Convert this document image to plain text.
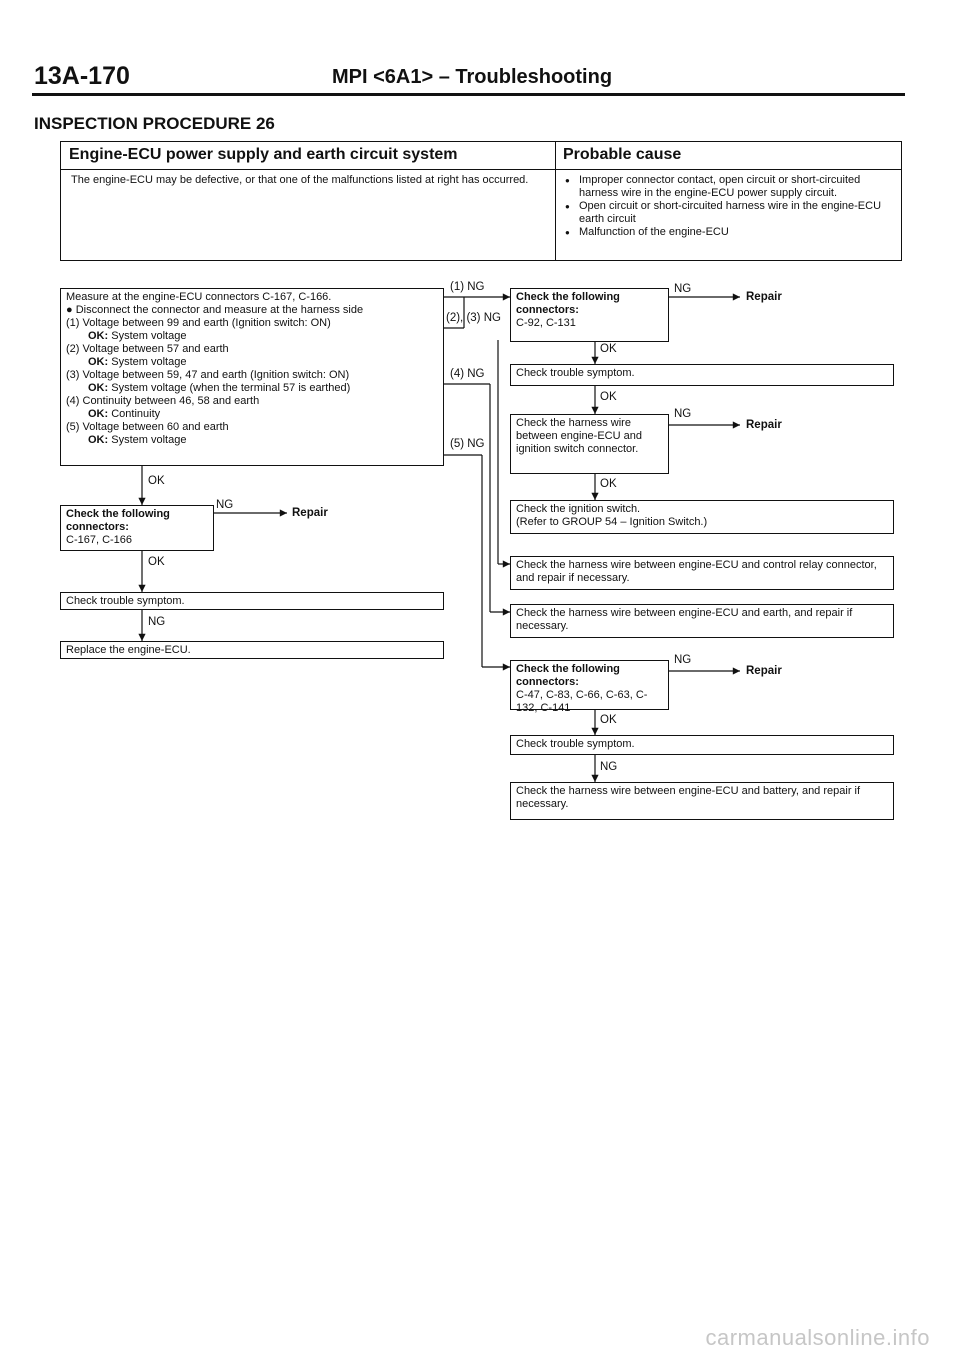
13A-170	MPI <6A1> – Troubleshooting
INSPECTION PROCEDURE 26
Engine-ECU power supply and earth circuit system
The engine-ECU may be defective, or that one of the malfunctions listed at right has occurred.
Probable cause
● Improper connector contact, open circuit or short-circuited harness wire in the engine-ECU power supply circuit.
● Open circuit or short-circuited harness wire in the engine-ECU earth circuit
● Malfunction of the engine-ECU
Measure at the engine-ECU connectors C-167, C-166.
● Disconnect the connector and measure at the harness side
(1) Voltage between 99 and earth (Ignition switch: ON)
OK: System voltage
(2) Voltage between 57 and earth
OK: System voltage
(3) Voltage between 59, 47 and earth (Ignition switch: ON)
OK: System voltage (when the terminal 57 is earthed)
(4) Continuity between 46, 58 and earth
OK: Continuity
(5) Voltage between 60 and earth
OK: System voltage
(1) NG
(2), (3) NG
(4) NG
(5) NG
OK
Check the following connectors:
C-167, C-166
NG
Repair
OK
Check trouble symptom.
NG
Replace the engine-ECU.
Check the following connectors:
C-92, C-131
NG
Repair
OK
Check trouble symptom.
OK
Check the harness wire between engine-ECU and ignition switch connector.
NG
Repair
OK
Check the ignition switch.
(Refer to GROUP 54 – Ignition Switch.)
Check the harness wire between engine-ECU and control relay connector, and repair if necessary.
Check the harness wire between engine-ECU and earth, and repair if necessary.
Check the following connectors:
C-47, C-83, C-66, C-63, C-132, C-141
NG
Repair
OK
Check trouble symptom.
NG
Check the harness wire between engine-ECU and battery, and repair if necessary.
carmanualsonline.info
